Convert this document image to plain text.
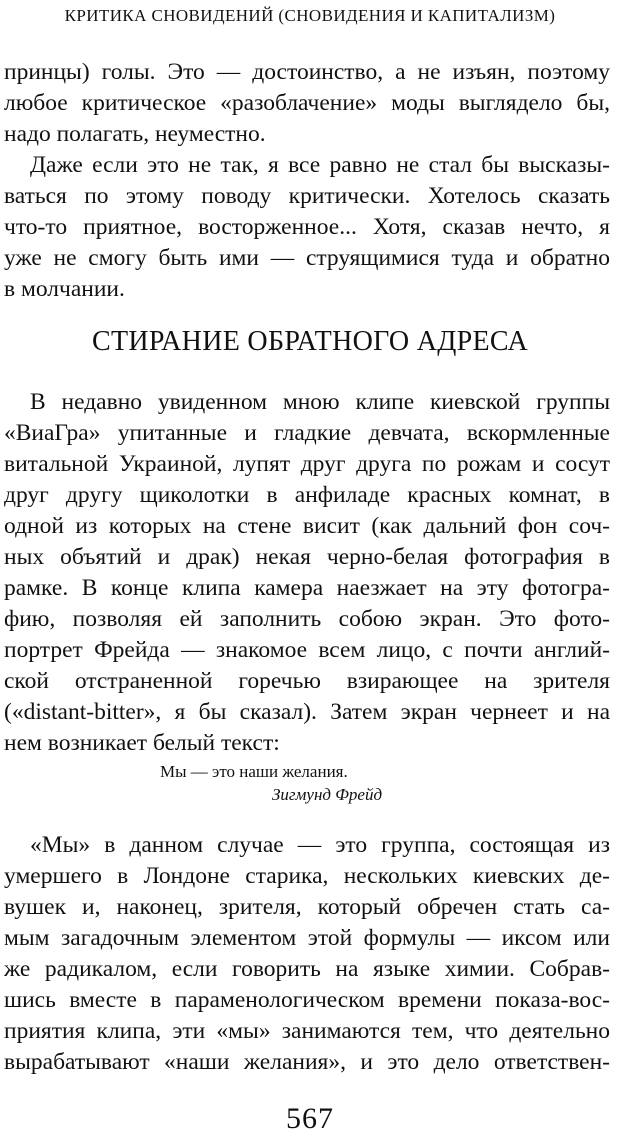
КРИТИКА СНОВИДЕНИЙ (СНОВИДЕНИЯ И КАПИТАЛИЗМ)
принцы) голы. Это — достоинство, а не изъян, поэтому
любое критическое «разоблачение» моды выглядело бы,
надо полагать, неуместно.
Даже если это не так, я все равно не стал бы высказы-
ваться по этому поводу критически. Хотелось сказать
что-то приятное, восторженное... Хотя, сказав нечто, я
уже не смогу быть ими — струящимися туда и обратно
в молчании.
СТИРАНИЕ ОБРАТНОГО АДРЕСА
В недавно увиденном мною клипе киевской группы
«ВиаГра» упитанные и гладкие девчата, вскормленные
витальной Украиной, лупят друг друга по рожам и сосут
друг другу щиколотки в анфиладе красных комнат, в
одной из которых на стене висит (как дальний фон соч-
ных объятий и драк) некая черно-белая фотография в
рамке. В конце клипа камера наезжает на эту фотогра-
фию, позволяя ей заполнить собою экран. Это фото-
портрет Фрейда — знакомое всем лицо, с почти англий-
ской отстраненной горечью взирающее на зрителя
(«distant-bitter», я бы сказал). Затем экран чернеет и на
нем возникает белый текст:
Мы — это наши желания.
Зигмунд Фрейд
«Мы» в данном случае — это группа, состоящая из
умершего в Лондоне старика, нескольких киевских де-
вушек и, наконец, зрителя, который обречен стать са-
мым загадочным элементом этой формулы — иксом или
же радикалом, если говорить на языке химии. Собрав-
шись вместе в параменологическом времени показа-вос-
приятия клипа, эти «мы» занимаются тем, что деятельно
вырабатывают «наши желания», и это дело ответствен-
567
